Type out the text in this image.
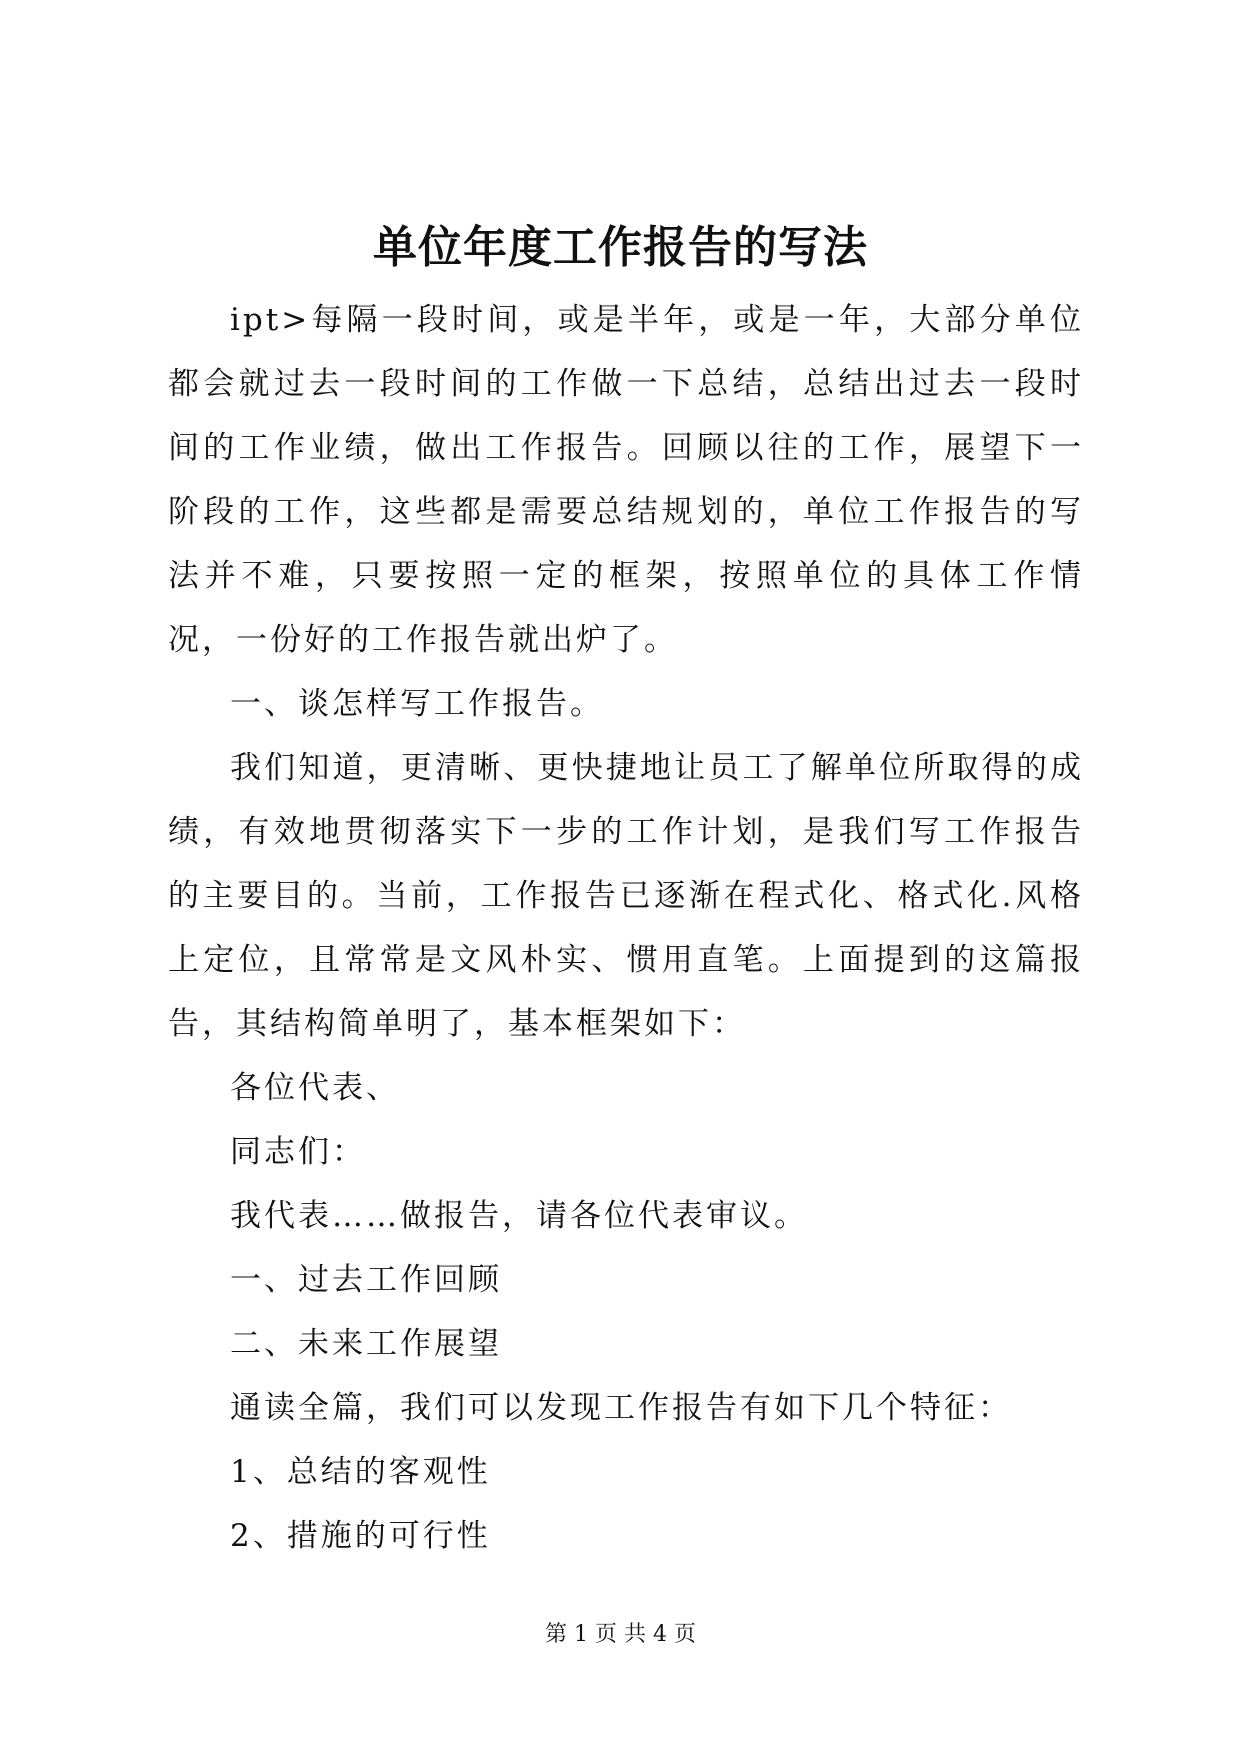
单位年度工作报告的写法

ipt>每隔一段时间，或是半年，或是一年，大部分单位都会就过去一段时间的工作做一下总结，总结出过去一段时间的工作业绩，做出工作报告。回顾以往的工作，展望下一阶段的工作，这些都是需要总结规划的，单位工作报告的写法并不难，只要按照一定的框架，按照单位的具体工作情况，一份好的工作报告就出炉了。

一、谈怎样写工作报告。

我们知道，更清晰、更快捷地让员工了解单位所取得的成绩，有效地贯彻落实下一步的工作计划，是我们写工作报告的主要目的。当前，工作报告已逐渐在程式化、格式化.风格上定位，且常常是文风朴实、惯用直笔。上面提到的这篇报告，其结构简单明了，基本框架如下：

各位代表、

同志们：

我代表……做报告，请各位代表审议。

一、过去工作回顾

二、未来工作展望

通读全篇，我们可以发现工作报告有如下几个特征：

1、总结的客观性

2、措施的可行性

第 1 页 共 4 页
